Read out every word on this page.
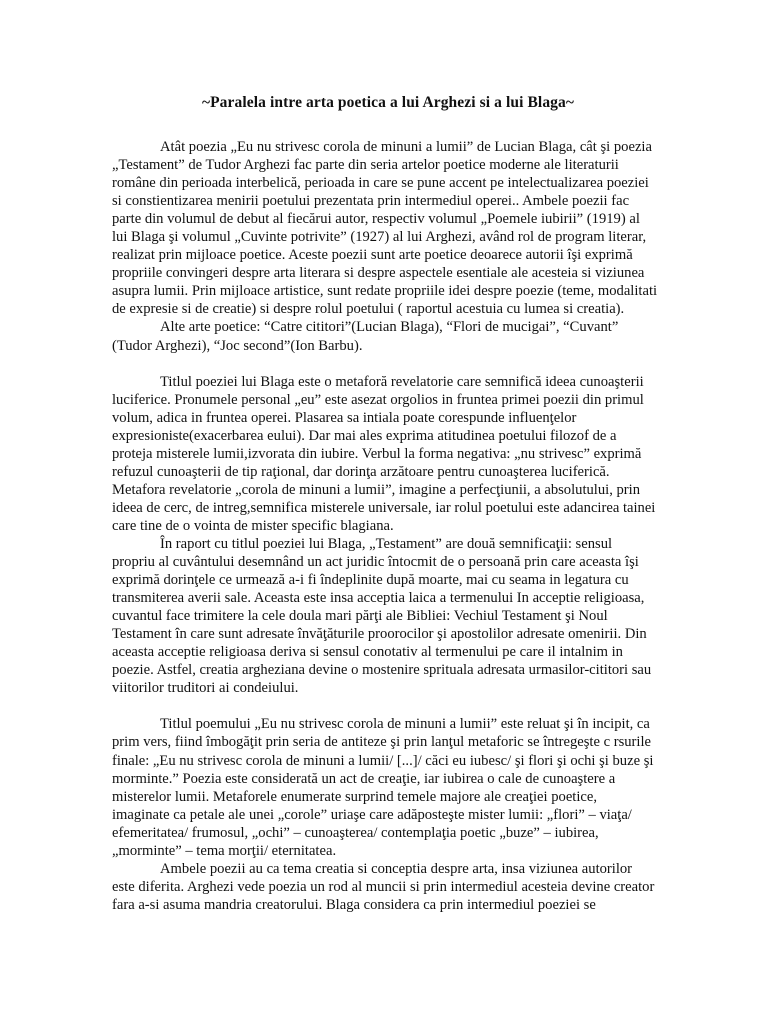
~Paralela intre arta poetica a lui Arghezi si a lui Blaga~

Atât poezia „Eu nu strivesc corola de minuni a lumii” de Lucian Blaga, cât şi poezia „Testament” de Tudor Arghezi fac parte din seria artelor poetice moderne ale literaturii române din perioada interbelică, perioada in care se pune accent pe intelectualizarea poeziei si constientizarea menirii poetului prezentata prin intermediul operei.. Ambele poezii fac parte din volumul de debut al fiecărui autor, respectiv volumul „Poemele iubirii” (1919) al lui Blaga şi volumul „Cuvinte potrivite” (1927) al lui Arghezi, având rol de program literar, realizat prin mijloace poetice. Aceste poezii sunt arte poetice deoarece autorii îşi exprimă propriile convingeri despre arta literara si despre aspectele esentiale ale acesteia si viziunea asupra lumii. Prin mijloace artistice, sunt redate propriile idei despre poezie (teme, modalitati de expresie si de creatie) si despre rolul poetului ( raportul acestuia cu lumea si creatia).

Alte arte poetice: “Catre cititori”(Lucian Blaga), “Flori de mucigai”, “Cuvant” (Tudor Arghezi), “Joc second”(Ion Barbu).

Titlul poeziei lui Blaga este o metaforă revelatorie care semnifică ideea cunoaşterii luciferice. Pronumele personal „eu” este asezat orgolios in fruntea primei poezii din primul volum, adica in fruntea operei. Plasarea sa intiala poate corespunde influenţelor expresioniste(exacerbarea eului). Dar mai ales exprima atitudinea poetului filozof de a proteja misterele lumii,izvorata din iubire. Verbul la forma negativa: „nu strivesc” exprimă refuzul cunoaşterii de tip raţional, dar dorinţa arzătoare pentru cunoaşterea luciferică. Metafora revelatorie „corola de minuni a lumii”, imagine a perfecţiunii, a absolutului, prin ideea de cerc, de intreg,semnifica misterele universale, iar rolul poetului este adancirea tainei care tine de o vointa de mister specific blagiana.

În raport cu titlul poeziei lui Blaga, „Testament” are două semnificaţii: sensul propriu al cuvântului desemnând un act juridic întocmit de o persoană prin care aceasta îşi exprimă dorinţele ce urmează a-i fi îndeplinite după moarte, mai cu seama in legatura cu transmiterea averii sale. Aceasta este insa acceptia laica a termenului In acceptie religioasa, cuvantul face trimitere la cele doula mari părţi ale Bibliei: Vechiul Testament şi Noul Testament în care sunt adresate învăţăturile proorocilor şi apostolilor adresate omenirii. Din aceasta acceptie religioasa deriva si sensul conotativ al termenului pe care il intalnim in poezie. Astfel, creatia argheziana devine o mostenire sprituala adresata urmasilor-cititori sau viitorilor truditori ai condeiului.

Titlul poemului „Eu nu strivesc corola de minuni a lumii” este reluat şi în incipit, ca prim vers, fiind îmbogăţit prin seria de antiteze şi prin lanţul metaforic se întregeşte c rsurile finale: „Eu nu strivesc corola de minuni a lumii/ [...]/ căci eu iubesc/ şi flori şi ochi şi buze şi morminte.” Poezia este considerată un act de creaţie, iar iubirea o cale de cunoaştere a misterelor lumii. Metaforele enumerate surprind temele majore ale creaţiei poetice, imaginate ca petale ale unei „corole” uriaşe care adăposteşte mister lumii: „flori” – viaţa/ efemeritatea/ frumosul, „ochi” – cunoaşterea/ contemplaţia poetic „buze” – iubirea, „morminte” – tema morţii/ eternitatea.

Ambele poezii au ca tema creatia si conceptia despre arta, insa viziunea autorilor este diferita. Arghezi vede poezia un rod al muncii si prin intermediul acesteia devine creator fara a-si asuma mandria creatorului. Blaga considera ca prin intermediul poeziei se
